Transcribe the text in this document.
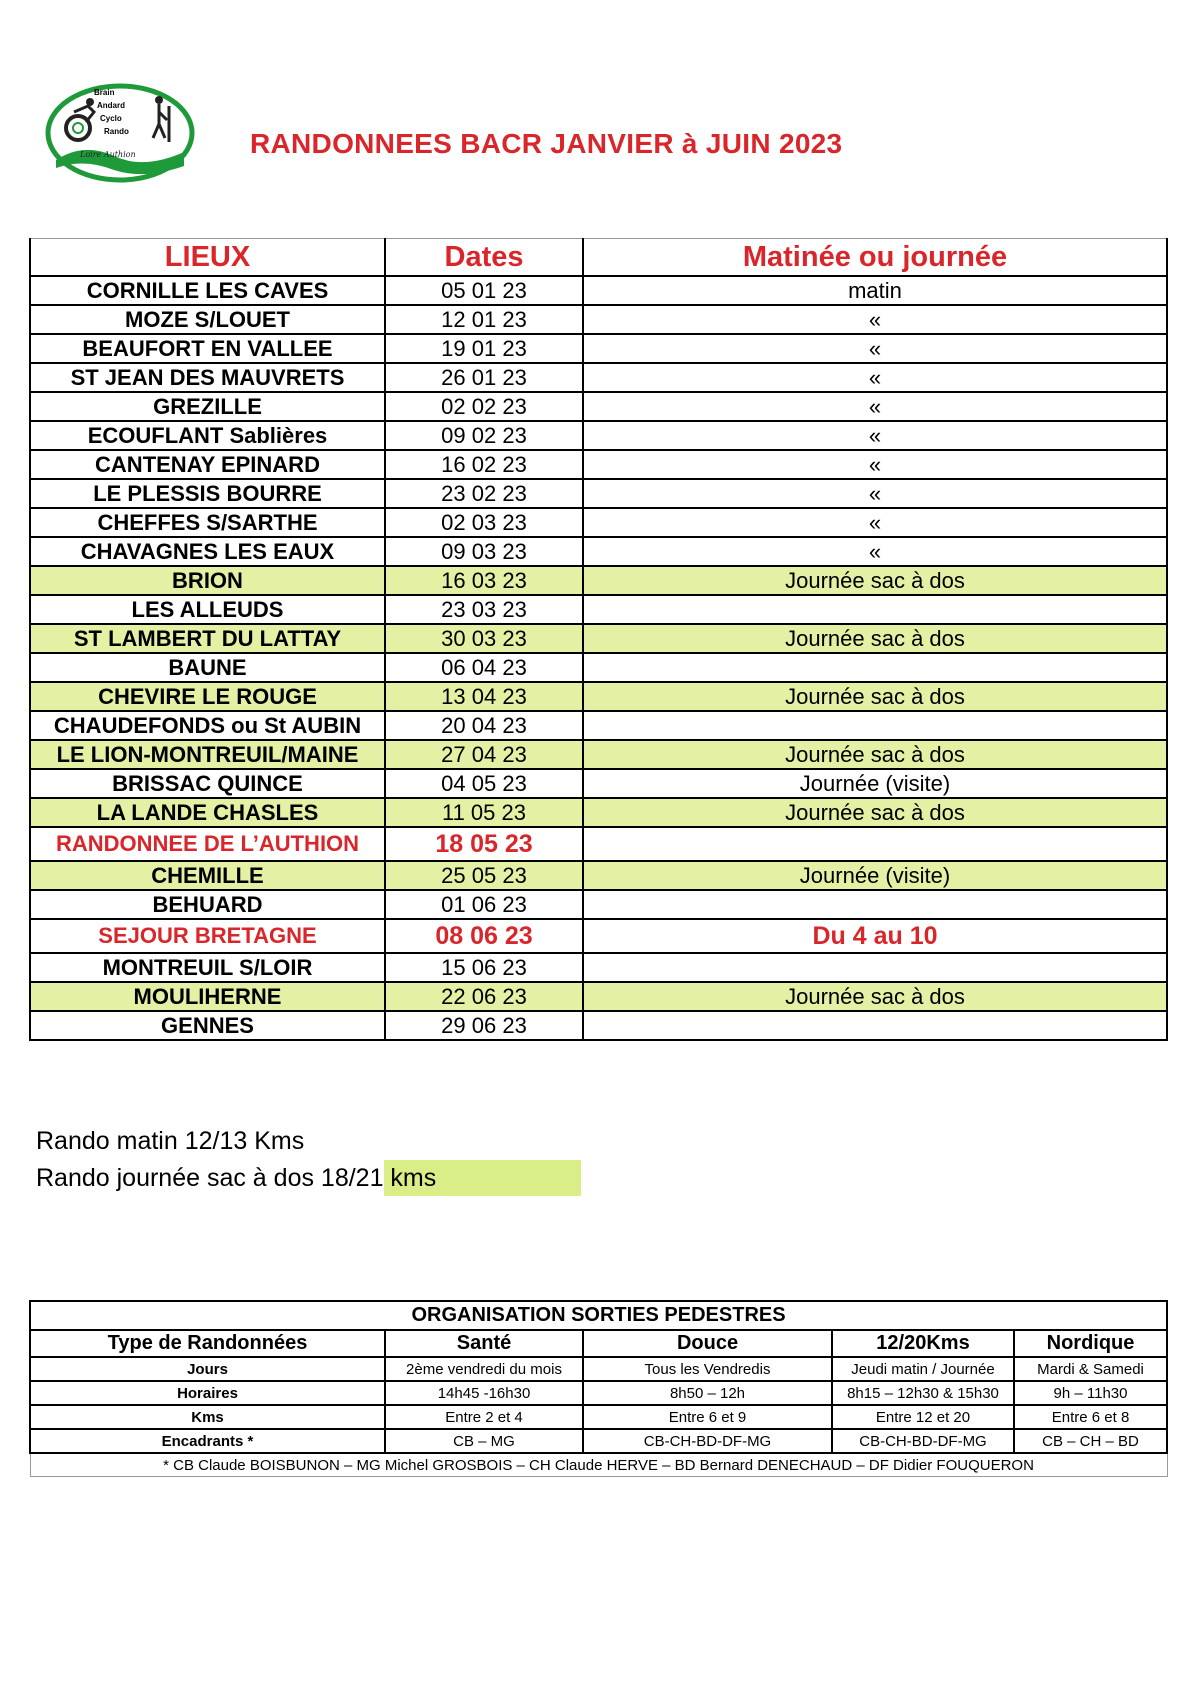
Brain
Andard
Cyclo
Rando
Loire Authion	RANDONNEES BACR JANVIER à JUIN 2023
LIEUX	Dates	Matinée ou journée
CORNILLE LES CAVES	05 01 23	matin
MOZE S/LOUET	12 01 23	«
BEAUFORT EN VALLEE	19 01 23	«
ST JEAN DES MAUVRETS	26 01 23	«
GREZILLE	02 02 23	«
ECOUFLANT Sablières	09 02 23	«
CANTENAY EPINARD	16 02 23	«
LE PLESSIS BOURRE	23 02 23	«
CHEFFES S/SARTHE	02 03 23	«
CHAVAGNES LES EAUX	09 03 23	«
BRION	16 03 23	Journée sac à dos
LES ALLEUDS	23 03 23	
ST LAMBERT DU LATTAY	30 03 23	Journée sac à dos
BAUNE	06 04 23	
CHEVIRE LE ROUGE	13 04 23	Journée sac à dos
CHAUDEFONDS ou St AUBIN	20 04 23	
LE LION-MONTREUIL/MAINE	27 04 23	Journée sac à dos
BRISSAC QUINCE	04 05 23	Journée (visite)
LA LANDE CHASLES	11 05 23	Journée sac à dos
RANDONNEE DE L’AUTHION	18 05 23	
CHEMILLE	25 05 23	Journée (visite)
BEHUARD	01 06 23	
SEJOUR BRETAGNE	08 06 23	Du 4 au 10
MONTREUIL S/LOIR	15 06 23	
MOULIHERNE	22 06 23	Journée sac à dos
GENNES	29 06 23	
Rando matin 12/13 Kms
Rando journée sac à dos 18/21 kms
ORGANISATION SORTIES PEDESTRES				
Type de Randonnées	Santé	Douce	12/20Kms	Nordique
Jours	2ème vendredi du mois	Tous les Vendredis	Jeudi matin / Journée	Mardi & Samedi
Horaires	14h45 -16h30	8h50 – 12h	8h15 – 12h30 & 15h30	9h – 11h30
Kms	Entre 2 et 4	Entre 6 et 9	Entre 12 et 20	Entre 6 et 8
Encadrants *	CB – MG	CB-CH-BD-DF-MG	CB-CH-BD-DF-MG	CB – CH – BD
* CB Claude BOISBUNON – MG Michel GROSBOIS – CH Claude HERVE – BD Bernard DENECHAUD – DF Didier FOUQUERON				
